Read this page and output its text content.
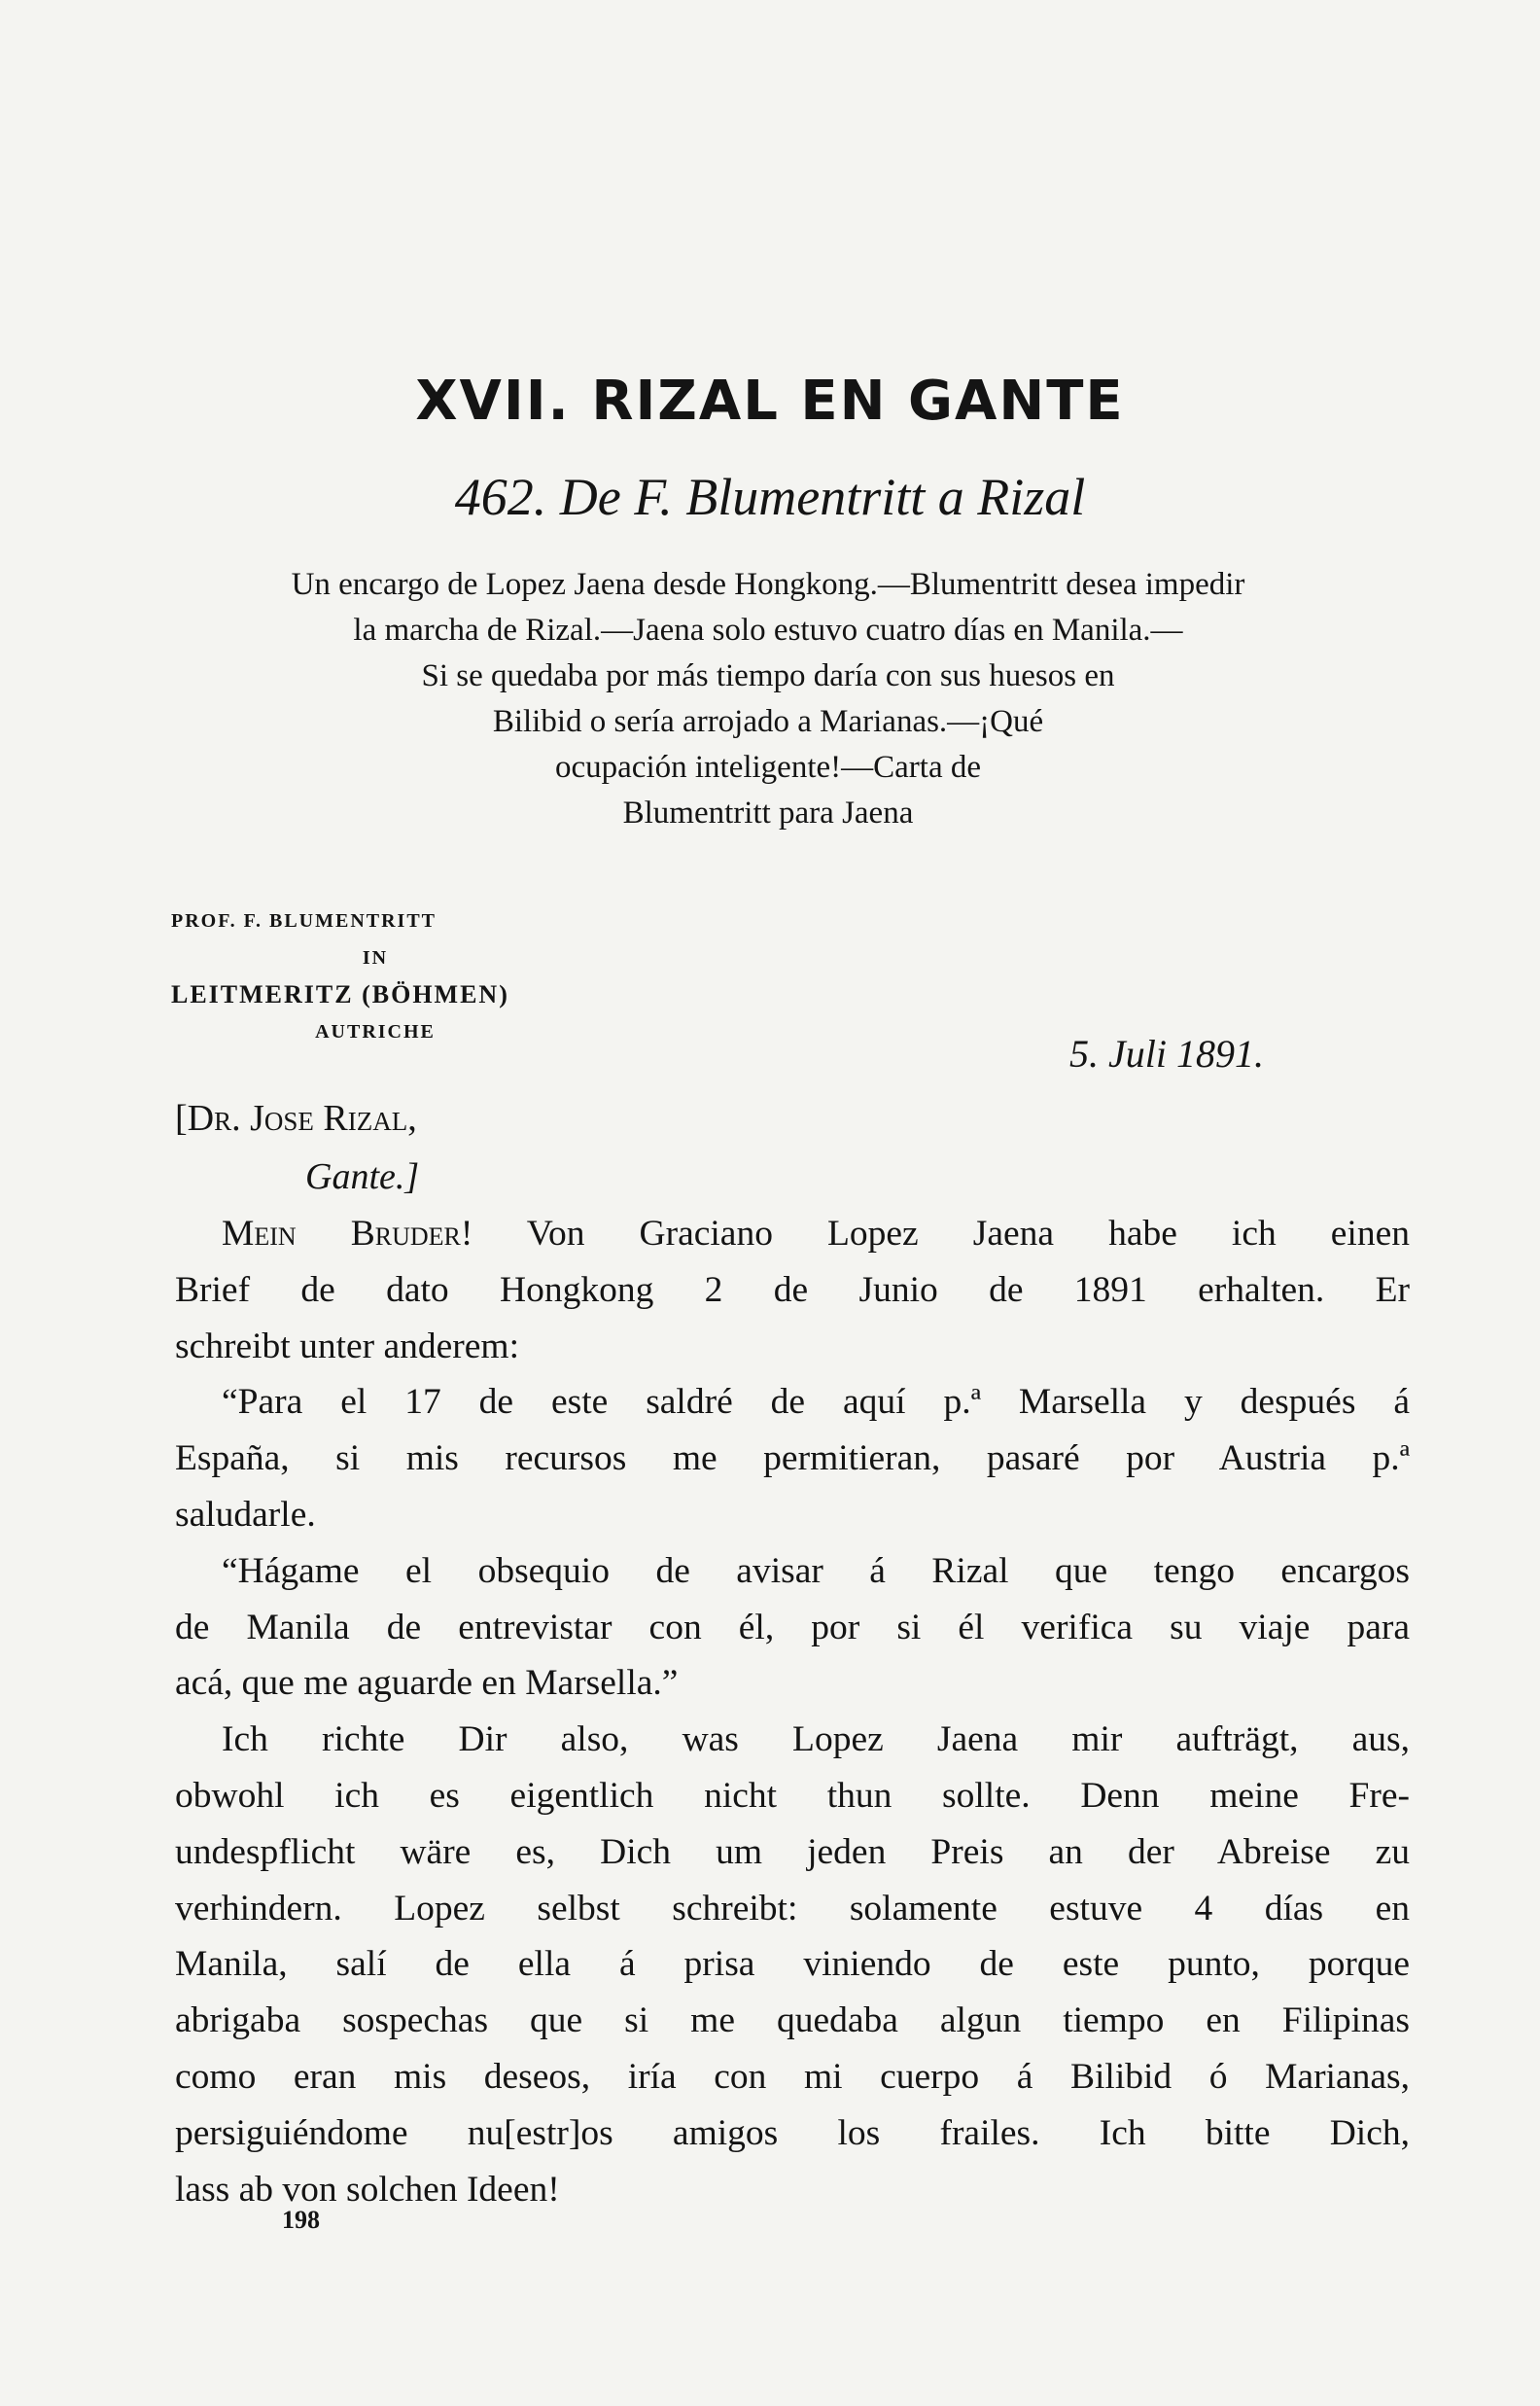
XVII. RIZAL EN GANTE
462. De F. Blumentritt a Rizal
Un encargo de Lopez Jaena desde Hongkong.—Blumentritt desea impedir
la marcha de Rizal.—Jaena solo estuvo cuatro días en Manila.—
Si se quedaba por más tiempo daría con sus huesos en
Bilibid o sería arrojado a Marianas.—¡Qué
ocupación inteligente!—Carta de
Blumentritt para Jaena
PROF. F. BLUMENTRITT
IN
LEITMERITZ (BÖHMEN)
AUTRICHE	5. Juli 1891.
[Dr. Jose Rizal,
Gante.]
Mein Bruder! Von Graciano Lopez Jaena habe ich einen
Brief de dato Hongkong 2 de Junio de 1891 erhalten. Er
schreibt unter anderem:
“Para el 17 de este saldré de aquí p.ª Marsella y después á
España, si mis recursos me permitieran, pasaré por Austria p.ª
saludarle.
“Hágame el obsequio de avisar á Rizal que tengo encargos
de Manila de entrevistar con él, por si él verifica su viaje para
acá, que me aguarde en Marsella.”
Ich richte Dir also, was Lopez Jaena mir aufträgt, aus,
obwohl ich es eigentlich nicht thun sollte. Denn meine Fre-
undespflicht wäre es, Dich um jeden Preis an der Abreise zu
verhindern. Lopez selbst schreibt: solamente estuve 4 días en
Manila, salí de ella á prisa viniendo de este punto, porque
abrigaba sospechas que si me quedaba algun tiempo en Filipinas
como eran mis deseos, iría con mi cuerpo á Bilibid ó Marianas,
persiguiéndome nu[estr]os amigos los frailes. Ich bitte Dich,
lass ab von solchen Ideen!
198
